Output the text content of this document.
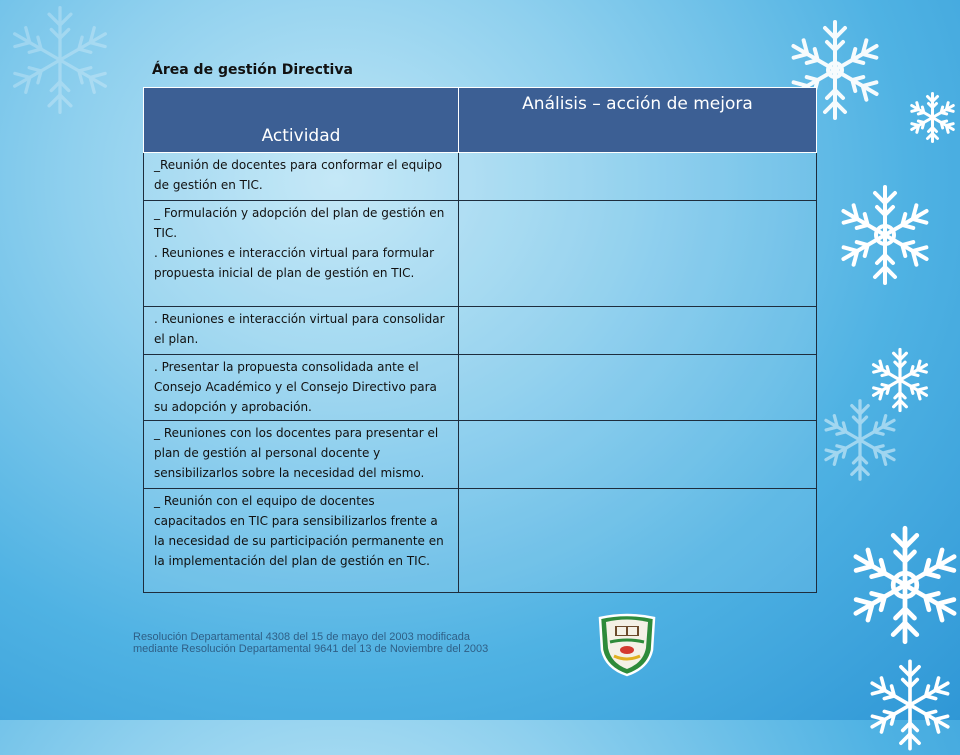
Área de gestión Directiva
Actividad	Análisis – acción de mejora

_Reunión de docentes para conformar el equipo de gestión en TIC.	

_ Formulación y adopción del plan de gestión en TIC.
. Reuniones e interacción virtual para formular propuesta inicial de plan de gestión en TIC.	

. Reuniones e interacción virtual para consolidar el plan.	

. Presentar la propuesta consolidada ante el Consejo Académico y el Consejo Directivo para su adopción y aprobación.	

_ Reuniones con los docentes para presentar el plan de gestión al personal docente y sensibilizarlos sobre la necesidad del mismo.	

_ Reunión con el equipo de docentes capacitados en TIC para sensibilizarlos frente a la necesidad de su participación permanente en la implementación del plan de gestión en TIC.	

Resolución Departamental 4308 del 15 de mayo del 2003 modificada
mediante Resolución Departamental 9641 del 13 de Noviembre del 2003
